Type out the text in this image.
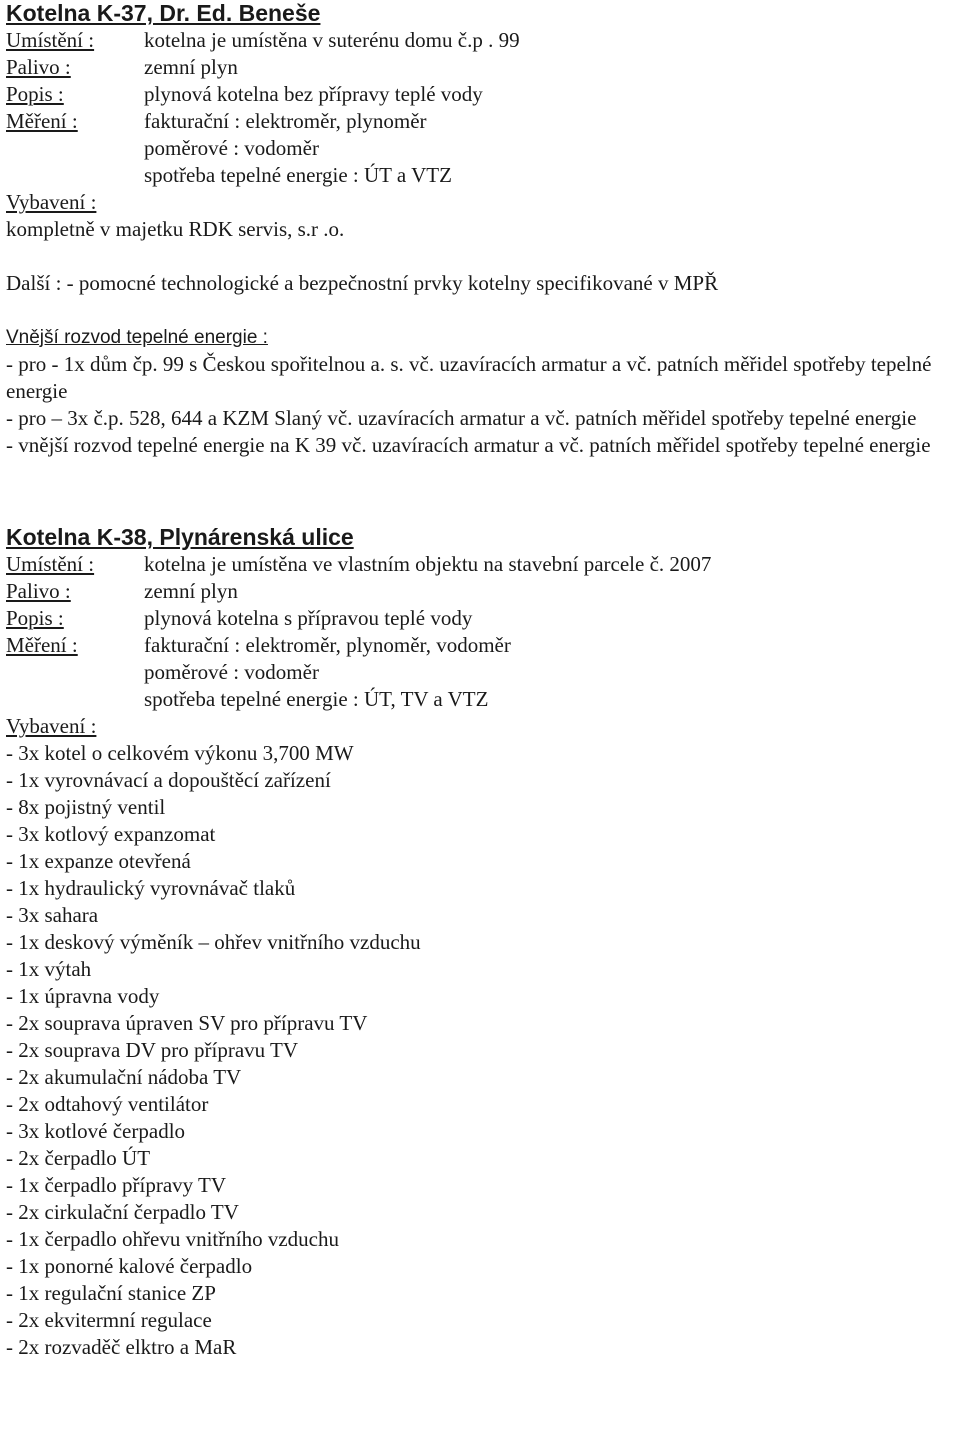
Kotelna K-37, Dr. Ed. Beneše
Umístění :	kotelna je umístěna v suterénu domu č.p . 99
Palivo :	zemní plyn
Popis :	plynová kotelna bez přípravy teplé vody
Měření :	fakturační : elektroměr, plynoměr
poměrové : vodoměr
spotřeba tepelné energie : ÚT a VTZ
Vybavení :
kompletně v majetku RDK servis, s.r .o.
Další : - pomocné technologické a bezpečnostní prvky kotelny specifikované v MPŘ
Vnější rozvod tepelné energie :
- pro - 1x dům čp. 99 s Českou spořitelnou a. s. vč. uzavíracích armatur a vč. patních měřidel spotřeby tepelné energie
- pro – 3x č.p. 528, 644 a KZM Slaný vč. uzavíracích armatur a vč. patních měřidel spotřeby tepelné energie
- vnější rozvod tepelné energie na K 39 vč. uzavíracích armatur a vč. patních měřidel spotřeby tepelné energie
Kotelna K-38, Plynárenská ulice
Umístění :	kotelna je umístěna ve vlastním objektu na stavební parcele č. 2007
Palivo :	zemní plyn
Popis :	plynová kotelna s přípravou teplé vody
Měření :	fakturační : elektroměr, plynoměr, vodoměr
poměrové : vodoměr
spotřeba tepelné energie : ÚT, TV a VTZ
Vybavení :
- 3x kotel o celkovém výkonu 3,700 MW
- 1x vyrovnávací a dopouštěcí zařízení
- 8x pojistný ventil
- 3x kotlový expanzomat
- 1x expanze otevřená
- 1x hydraulický vyrovnávač tlaků
- 3x sahara
- 1x deskový výměník – ohřev vnitřního vzduchu
- 1x výtah
- 1x úpravna vody
- 2x souprava úpraven SV pro přípravu TV
- 2x souprava DV pro přípravu TV
- 2x akumulační nádoba TV
- 2x odtahový ventilátor
- 3x kotlové čerpadlo
- 2x čerpadlo ÚT
- 1x čerpadlo přípravy TV
- 2x cirkulační čerpadlo TV
- 1x čerpadlo ohřevu vnitřního vzduchu
- 1x ponorné kalové čerpadlo
- 1x regulační stanice ZP
- 2x ekvitermní regulace
- 2x rozvaděč elktro a MaR
